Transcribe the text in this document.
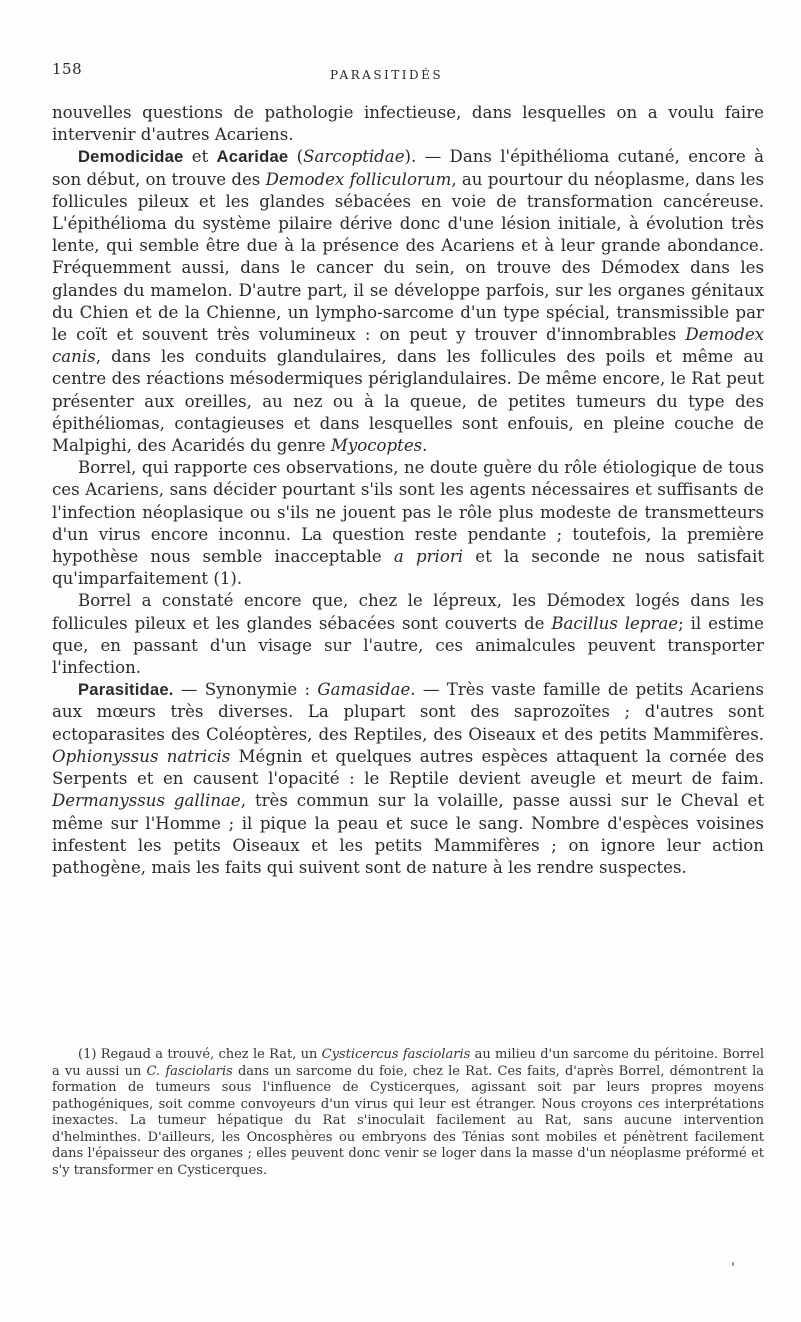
158	PARASITIDÉS

nouvelles questions de pathologie infectieuse, dans lesquelles on a voulu faire intervenir d'autres Acariens.

Demodicidae et Acaridae (Sarcoptidae). — Dans l'épithélioma cutané, encore à son début, on trouve des Demodex folliculorum, au pourtour du néoplasme, dans les follicules pileux et les glandes sébacées en voie de transformation cancéreuse. L'épithélioma du système pilaire dérive donc d'une lésion initiale, à évolution très lente, qui semble être due à la présence des Acariens et à leur grande abondance. Fréquemment aussi, dans le cancer du sein, on trouve des Démodex dans les glandes du mamelon. D'autre part, il se développe parfois, sur les organes génitaux du Chien et de la Chienne, un lympho-sarcome d'un type spécial, transmissible par le coït et souvent très volumineux : on peut y trouver d'innombrables Demodex canis, dans les conduits glandulaires, dans les follicules des poils et même au centre des réactions mésodermiques périglandulaires. De même encore, le Rat peut présenter aux oreilles, au nez ou à la queue, de petites tumeurs du type des épithéliomas, contagieuses et dans lesquelles sont enfouis, en pleine couche de Malpighi, des Acaridés du genre Myocoptes.

Borrel, qui rapporte ces observations, ne doute guère du rôle étiologique de tous ces Acariens, sans décider pourtant s'ils sont les agents nécessaires et suffisants de l'infection néoplasique ou s'ils ne jouent pas le rôle plus modeste de transmetteurs d'un virus encore inconnu. La question reste pendante ; toutefois, la première hypothèse nous semble inacceptable a priori et la seconde ne nous satisfait qu'imparfaitement (1).

Borrel a constaté encore que, chez le lépreux, les Démodex logés dans les follicules pileux et les glandes sébacées sont couverts de Bacillus leprae; il estime que, en passant d'un visage sur l'autre, ces animalcules peuvent transporter l'infection.

Parasitidae. — Synonymie : Gamasidae. — Très vaste famille de petits Acariens aux mœurs très diverses. La plupart sont des saprozoïtes ; d'autres sont ectoparasites des Coléoptères, des Reptiles, des Oiseaux et des petits Mammifères. Ophionyssus natricis Mégnin et quelques autres espèces attaquent la cornée des Serpents et en causent l'opacité : le Reptile devient aveugle et meurt de faim. Dermanyssus gallinae, très commun sur la volaille, passe aussi sur le Cheval et même sur l'Homme ; il pique la peau et suce le sang. Nombre d'espèces voisines infestent les petits Oiseaux et les petits Mammifères ; on ignore leur action pathogène, mais les faits qui suivent sont de nature à les rendre suspectes.

(1) Regaud a trouvé, chez le Rat, un Cysticercus fasciolaris au milieu d'un sarcome du péritoine. Borrel a vu aussi un C. fasciolaris dans un sarcome du foie, chez le Rat. Ces faits, d'après Borrel, démontrent la formation de tumeurs sous l'influence de Cysticerques, agissant soit par leurs propres moyens pathogéniques, soit comme convoyeurs d'un virus qui leur est étranger. Nous croyons ces interprétations inexactes. La tumeur hépatique du Rat s'inoculait facilement au Rat, sans aucune intervention d'helminthes. D'ailleurs, les Oncosphères ou embryons des Ténias sont mobiles et pénètrent facilement dans l'épaisseur des organes ; elles peuvent donc venir se loger dans la masse d'un néoplasme préformé et s'y transformer en Cysticerques.
